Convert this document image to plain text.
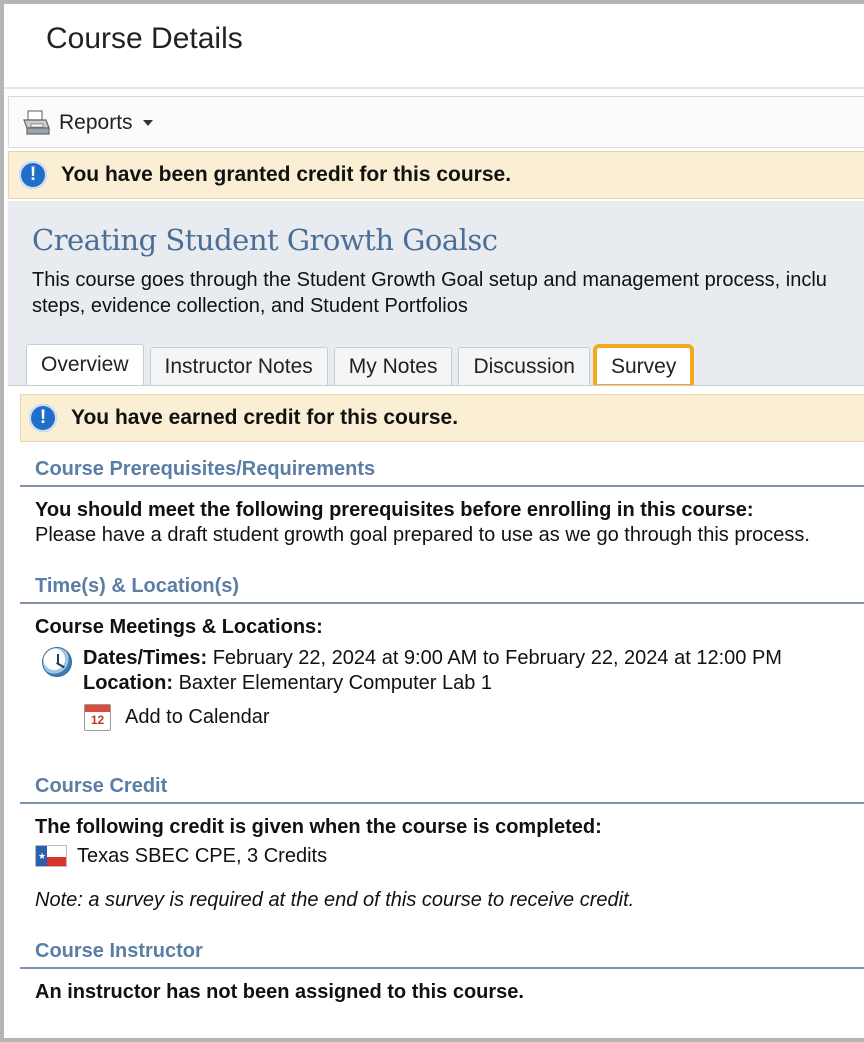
Course Details
Reports
!	You have been granted credit for this course.
Creating Student Growth Goalsc
This course goes through the Student Growth Goal setup and management process, inclu
steps, evidence collection, and Student Portfolios
Overview	Instructor Notes	My Notes	Discussion	Survey
!	You have earned credit for this course.
Course Prerequisites/Requirements
You should meet the following prerequisites before enrolling in this course:
Please have a draft student growth goal prepared to use as we go through this process.
Time(s) & Location(s)
Course Meetings & Locations:
Dates/Times: February 22, 2024 at 9:00 AM to February 22, 2024 at 12:00 PM
Location: Baxter Elementary Computer Lab 1
12 Add to Calendar
Course Credit
The following credit is given when the course is completed:
★ Texas SBEC CPE, 3 Credits
Note: a survey is required at the end of this course to receive credit.
Course Instructor
An instructor has not been assigned to this course.
